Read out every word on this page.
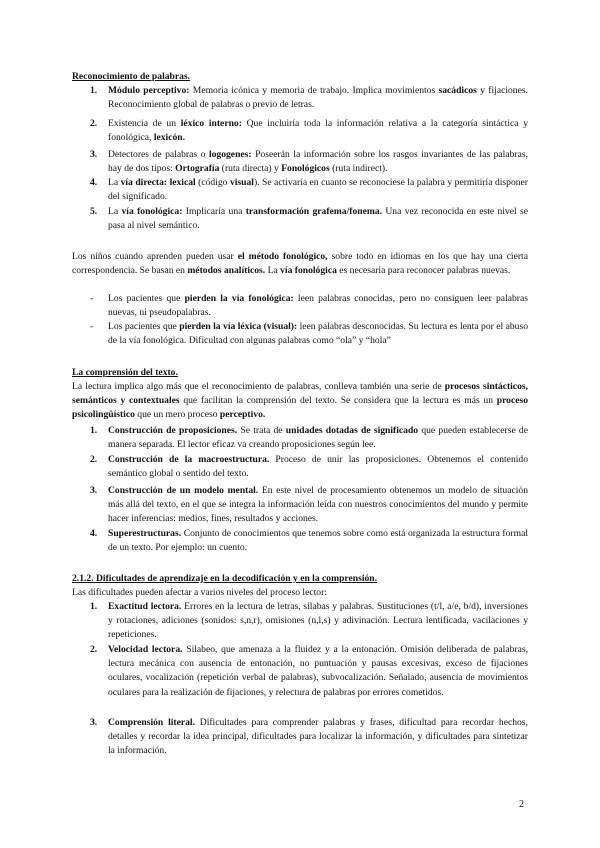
Reconocimiento de palabras.
1. Módulo perceptivo: Memoria icónica y memoria de trabajo. Implica movimientos sacádicos y fijaciones. Reconocimiento global de palabras o previo de letras.
2. Existencia de un léxico interno: Que incluiría toda la información relativa a la categoría sintáctica y fonológica, lexicón.
3. Detectores de palabras o logogenes: Poseerán la información sobre los rasgos invariantes de las palabras, hay de dos tipos: Ortografía (ruta directa) y Fonológicos (ruta indirect).
4. La vía directa: lexical (código visual). Se activaría en cuanto se reconociese la palabra y permitiría disponer del significado.
5. La vía fonológica: Implicaría una transformación grafema/fonema. Una vez reconocida en este nivel se pasa al nivel semántico.
Los niños cuando aprenden pueden usar el método fonológico, sobre todo en idiomas en los que hay una cierta correspondencia. Se basan en métodos analíticos. La vía fonológica es necesaria para reconocer palabras nuevas.
- Los pacientes que pierden la vía fonológica: leen palabras conocidas, pero no consiguen leer palabras nuevas, ni pseudopalabras.
- Los pacientes que pierden la vía léxica (visual): leen palabras desconocidas. Su lectura es lenta por el abuso de la vía fonológica. Dificultad con algunas palabras como “ola” y “hola”
La comprensión del texto.
La lectura implica algo más que el reconocimiento de palabras, conlleva también una serie de procesos sintácticos, semánticos y contextuales que facilitan la comprensión del texto. Se considera que la lectura es más un proceso psicolingüístico que un mero proceso perceptivo.
1. Construcción de proposiciones. Se trata de unidades dotadas de significado que pueden establecerse de manera separada. El lector eficaz va creando proposiciones según lee.
2. Construcción de la macroestructura. Proceso de unir las proposiciones. Obtenemos el contenido semántico global o sentido del texto.
3. Construcción de un modelo mental. En este nivel de procesamiento obtenemos un modelo de situación más allá del texto, en el que se integra la información leída con nuestros conocimientos del mundo y permite hacer inferencias: medios, fines, resultados y acciones.
4. Superestructuras. Conjunto de conocimientos que tenemos sobre como está organizada la estructura formal de un texto. Por ejemplo: un cuento.
2.1.2. Dificultades de aprendizaje en la decodificación y en la comprensión.
Las dificultades pueden afectar a varios niveles del proceso lector:
1. Exactitud lectora. Errores en la lectura de letras, sílabas y palabras. Sustituciones (t/l, a/e, b/d), inversiones y rotaciones, adiciones (sonidos: s,n,r), omisiones (n,l,s) y adivinación. Lectura lentificada, vacilaciones y repeticiones.
2. Velocidad lectora. Silabeo, que amenaza a la fluidez y a la entonación. Omisión deliberada de palabras, lectura mecánica con ausencia de entonación, no puntuación y pausas excesivas, exceso de fijaciones oculares, vocalización (repetición verbal de palabras), subvocalización. Señalado, ausencia de movimientos oculares para la realización de fijaciones, y relectura de palabras por errores cometidos.
3. Comprensión literal. Dificultades para comprender palabras y frases, dificultad para recordar hechos, detalles y recordar la idea principal, dificultades para localizar la información, y dificultades para sintetizar la información.
2
